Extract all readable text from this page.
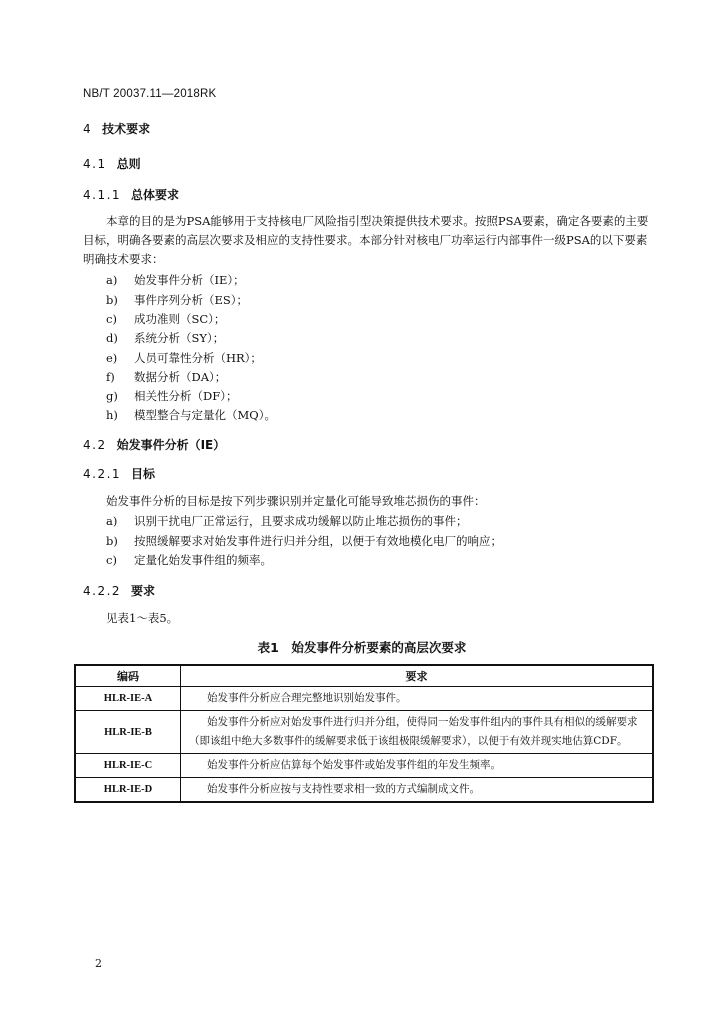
NB/T 20037.11—2018RK
4 技术要求
4.1 总则
4.1.1 总体要求
本章的目的是为PSA能够用于支持核电厂风险指引型决策提供技术要求。按照PSA要素，确定各要素的主要目标，明确各要素的高层次要求及相应的支持性要求。本部分针对核电厂功率运行内部事件一级PSA的以下要素明确技术要求：
a) 始发事件分析（IE）；
b) 事件序列分析（ES）；
c) 成功准则（SC）；
d) 系统分析（SY）；
e) 人员可靠性分析（HR）；
f) 数据分析（DA）；
g) 相关性分析（DF）；
h) 模型整合与定量化（MQ）。
4.2 始发事件分析（IE）
4.2.1 目标
始发事件分析的目标是按下列步骤识别并定量化可能导致堆芯损伤的事件：
a) 识别干扰电厂正常运行，且要求成功缓解以防止堆芯损伤的事件；
b) 按照缓解要求对始发事件进行归并分组，以便于有效地模化电厂的响应；
c) 定量化始发事件组的频率。
4.2.2 要求
见表1～表5。
表1　始发事件分析要素的高层次要求
编码	要求
HLR-IE-A	始发事件分析应合理完整地识别始发事件。
HLR-IE-B	始发事件分析应对始发事件进行归并分组，使得同一始发事件组内的事件具有相似的缓解要求（即该组中绝大多数事件的缓解要求低于该组极限缓解要求），以便于有效并现实地估算CDF。
HLR-IE-C	始发事件分析应估算每个始发事件或始发事件组的年发生频率。
HLR-IE-D	始发事件分析应按与支持性要求相一致的方式编制成文件。
2
